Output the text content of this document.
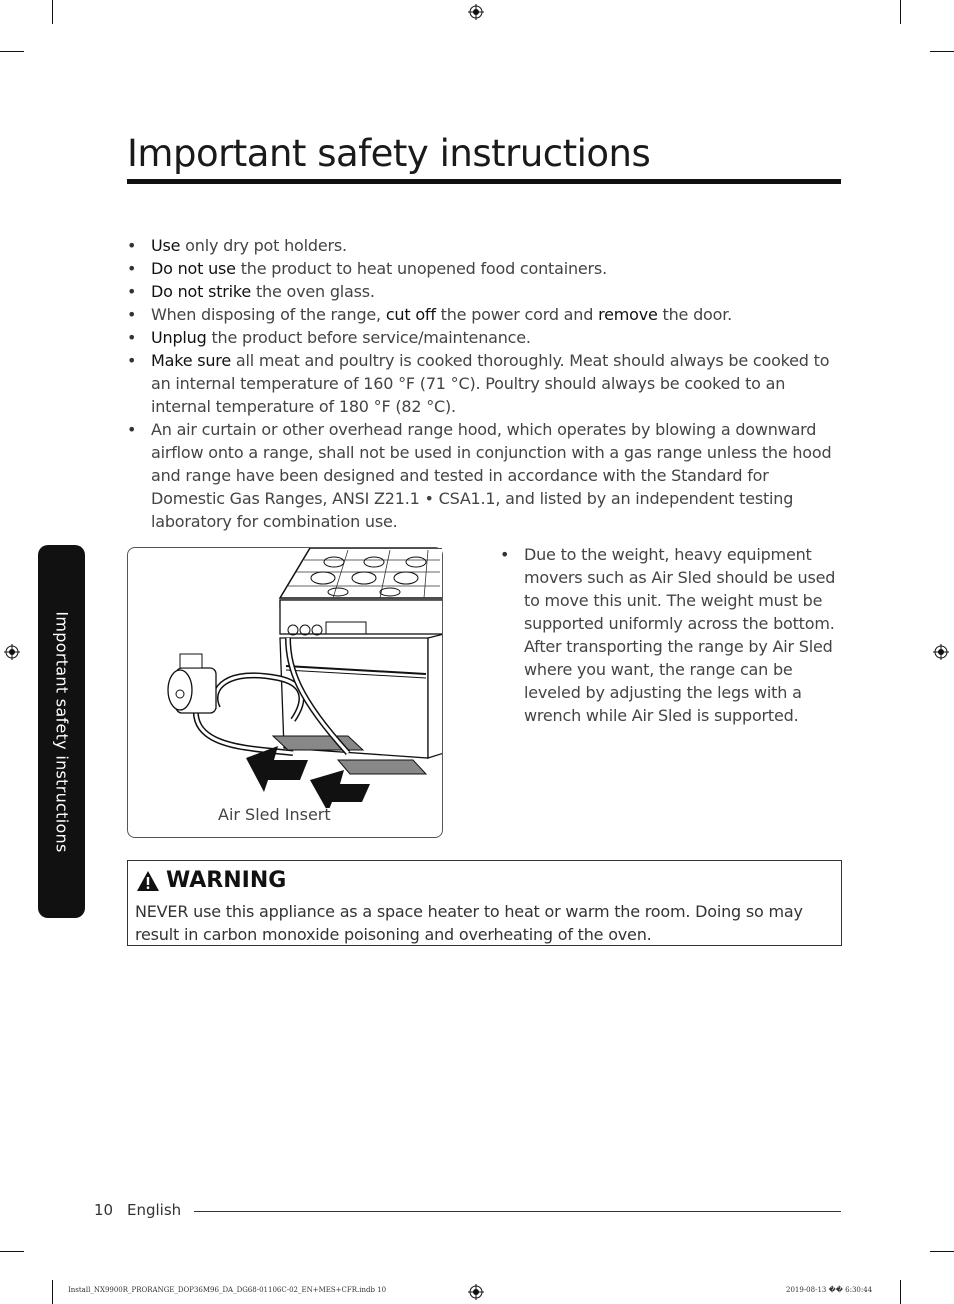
Important safety instructions
• Use only dry pot holders.
• Do not use the product to heat unopened food containers.
• Do not strike the oven glass.
• When disposing of the range, cut off the power cord and remove the door.
• Unplug the product before service/maintenance.
• Make sure all meat and poultry is cooked thoroughly. Meat should always be cooked to an internal temperature of 160 °F (71 °C). Poultry should always be cooked to an internal temperature of 180 °F (82 °C).
• An air curtain or other overhead range hood, which operates by blowing a downward airflow onto a range, shall not be used in conjunction with a gas range unless the hood and range have been designed and tested in accordance with the Standard for Domestic Gas Ranges, ANSI Z21.1 • CSA1.1, and listed by an independent testing laboratory for combination use.
Air Sled Insert
• Due to the weight, heavy equipment movers such as Air Sled should be used to move this unit. The weight must be supported uniformly across the bottom. After transporting the range by Air Sled where you want, the range can be leveled by adjusting the legs with a wrench while Air Sled is supported.
WARNING
NEVER use this appliance as a space heater to heat or warm the room. Doing so may result in carbon monoxide poisoning and overheating of the oven.
Important safety instructions
10 English
Install_NX9900R_PRORANGE_DOP36M96_DA_DG68-01106C-02_EN+MES+CFR.indb 10	2019-08-13 �� 6:30:44
